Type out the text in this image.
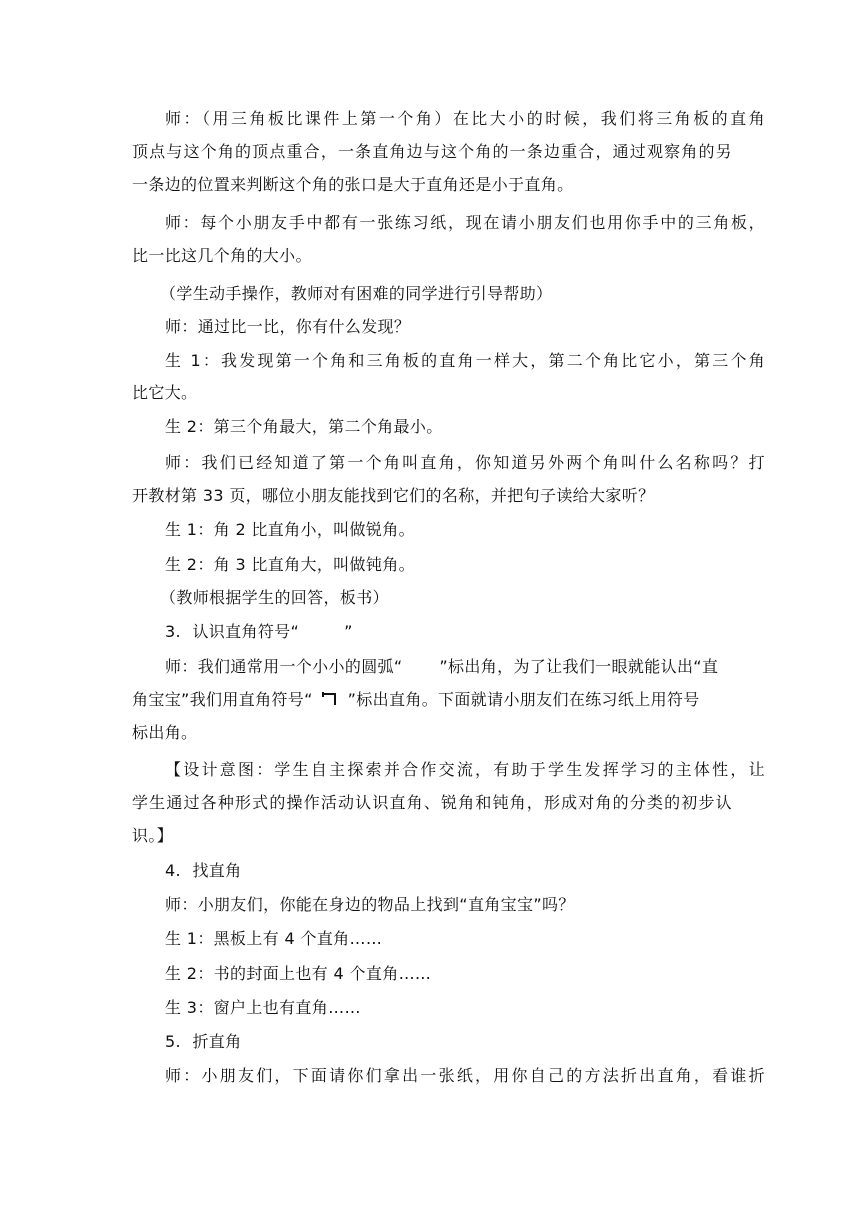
师：（用三角板比课件上第一个角）在比大小的时候，我们将三角板的直角
顶点与这个角的顶点重合，一条直角边与这个角的一条边重合，通过观察角的另
一条边的位置来判断这个角的张口是大于直角还是小于直角。
师：每个小朋友手中都有一张练习纸，现在请小朋友们也用你手中的三角板，
比一比这几个角的大小。
（学生动手操作，教师对有困难的同学进行引导帮助）
师：通过比一比，你有什么发现？
生 1：我发现第一个角和三角板的直角一样大，第二个角比它小，第三个角
比它大。
生 2：第三个角最大，第二个角最小。
师：我们已经知道了第一个角叫直角，你知道另外两个角叫什么名称吗？打
开教材第 33 页，哪位小朋友能找到它们的名称，并把句子读给大家听？
生 1：角 2 比直角小，叫做锐角。
生 2：角 3 比直角大，叫做钝角。
（教师根据学生的回答，板书）
3. 认识直角符号“	”
师：我们通常用一个小小的圆弧“ ”标出角，为了让我们一眼就能认出“直
角宝宝”我们用直角符号“ ”标出直角。下面就请小朋友们在练习纸上用符号
标出角。
【设计意图：学生自主探索并合作交流，有助于学生发挥学习的主体性，让
学生通过各种形式的操作活动认识直角、锐角和钝角，形成对角的分类的初步认
识。】
4. 找直角
师：小朋友们，你能在身边的物品上找到“直角宝宝”吗？
生 1：黑板上有 4 个直角……
生 2：书的封面上也有 4 个直角……
生 3：窗户上也有直角……
5. 折直角
师：小朋友们，下面请你们拿出一张纸，用你自己的方法折出直角，看谁折
